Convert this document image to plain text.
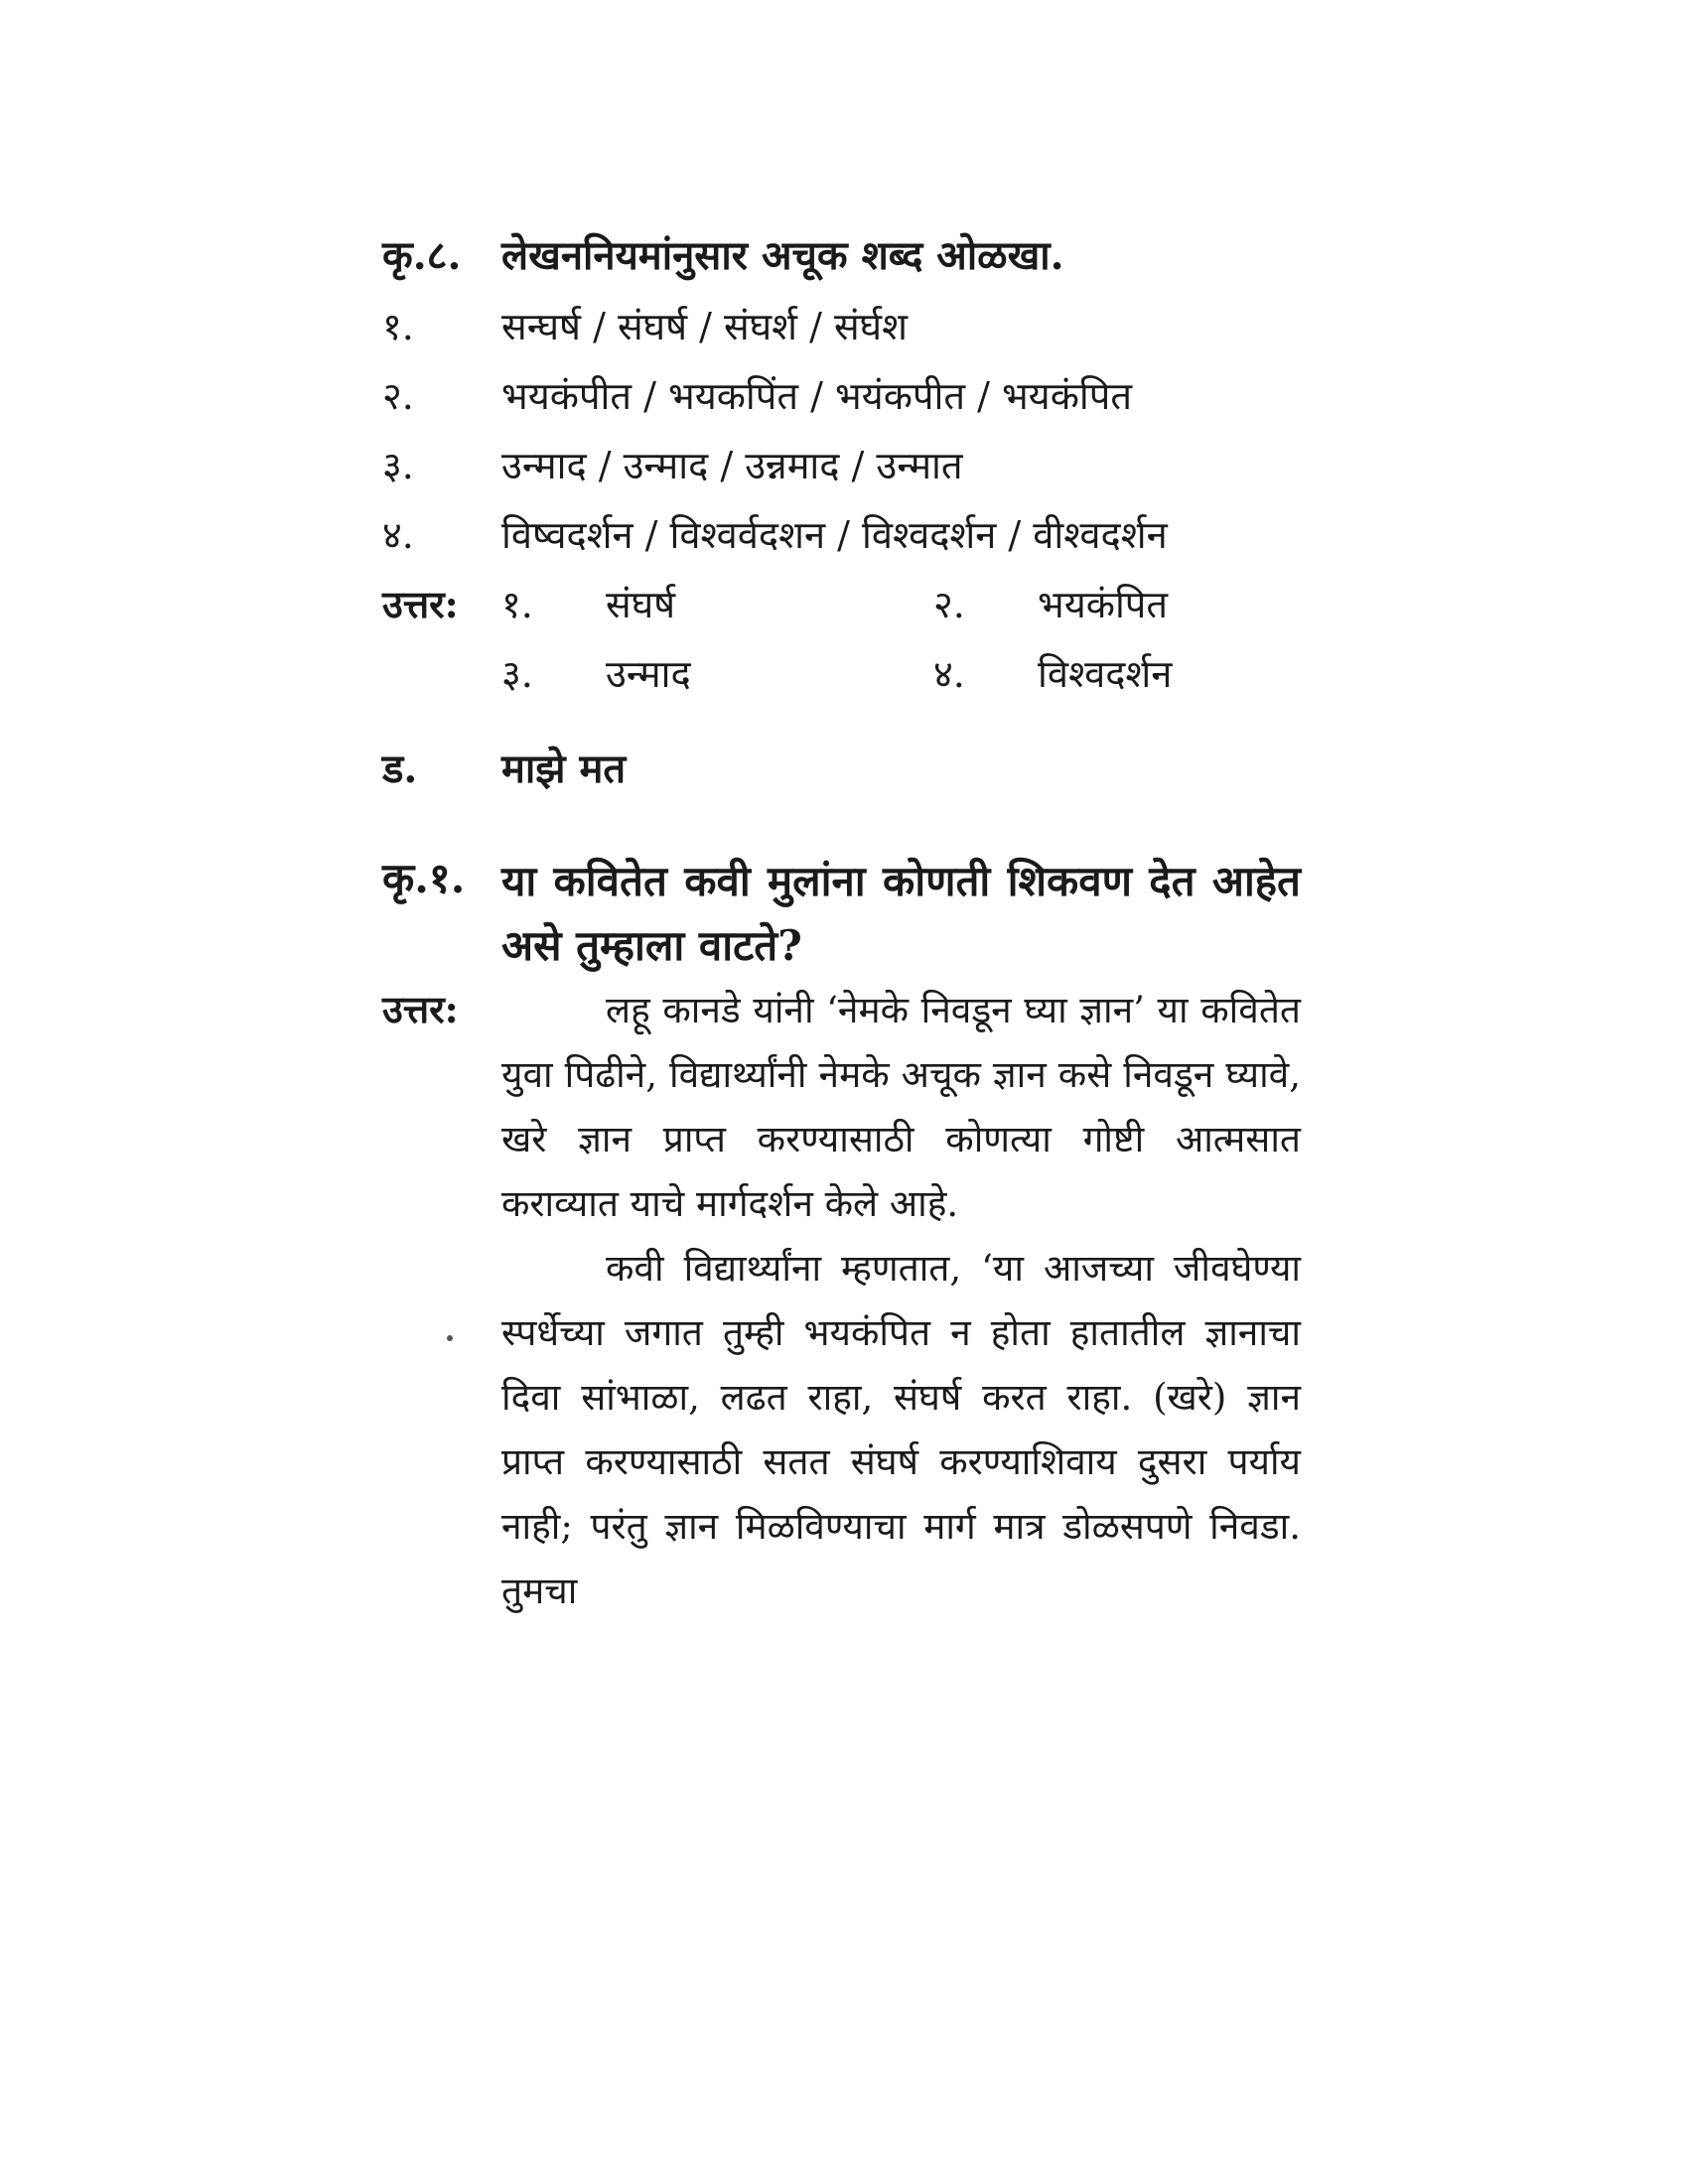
कृ.८. लेखननियमांनुसार अचूक शब्द ओळखा.
१. सन्घर्ष / संघर्ष / संघर्श / संर्घश
२. भयकंपीत / भयकपिंत / भयंकपीत / भयकंपित
३. उन्माद / उन्‍माद / उन्नमाद / उन्मात
४. विष्वदर्शन / विश्वर्वदशन / विश्वदर्शन / वीश्वदर्शन
उत्तर: १. संघर्ष	२. भयकंपित
३. उन्माद	४. विश्वदर्शन
ड. माझे मत
कृ.१. या कवितेत कवी मुलांना कोणती शिकवण देत आहेत असे तुम्हाला वाटते?
उत्तर:	लहू कानडे यांनी ‘नेमके निवडून घ्या ज्ञान’ या कवितेत युवा पिढीने, विद्यार्थ्यांनी नेमके अचूक ज्ञान कसे निवडून घ्यावे, खरे ज्ञान प्राप्त करण्यासाठी कोणत्या गोष्टी आत्मसात कराव्यात याचे मार्गदर्शन केले आहे.

कवी विद्यार्थ्यांना म्हणतात, ‘या आजच्या जीवघेण्या स्पर्धेच्या जगात तुम्ही भयकंपित न होता हातातील ज्ञानाचा दिवा सांभाळा, लढत राहा, संघर्ष करत राहा. (खरे) ज्ञान प्राप्त करण्यासाठी सतत संघर्ष करण्याशिवाय दुसरा पर्याय नाही; परंतु ज्ञान मिळविण्याचा मार्ग मात्र डोळसपणे निवडा. तुमचा
